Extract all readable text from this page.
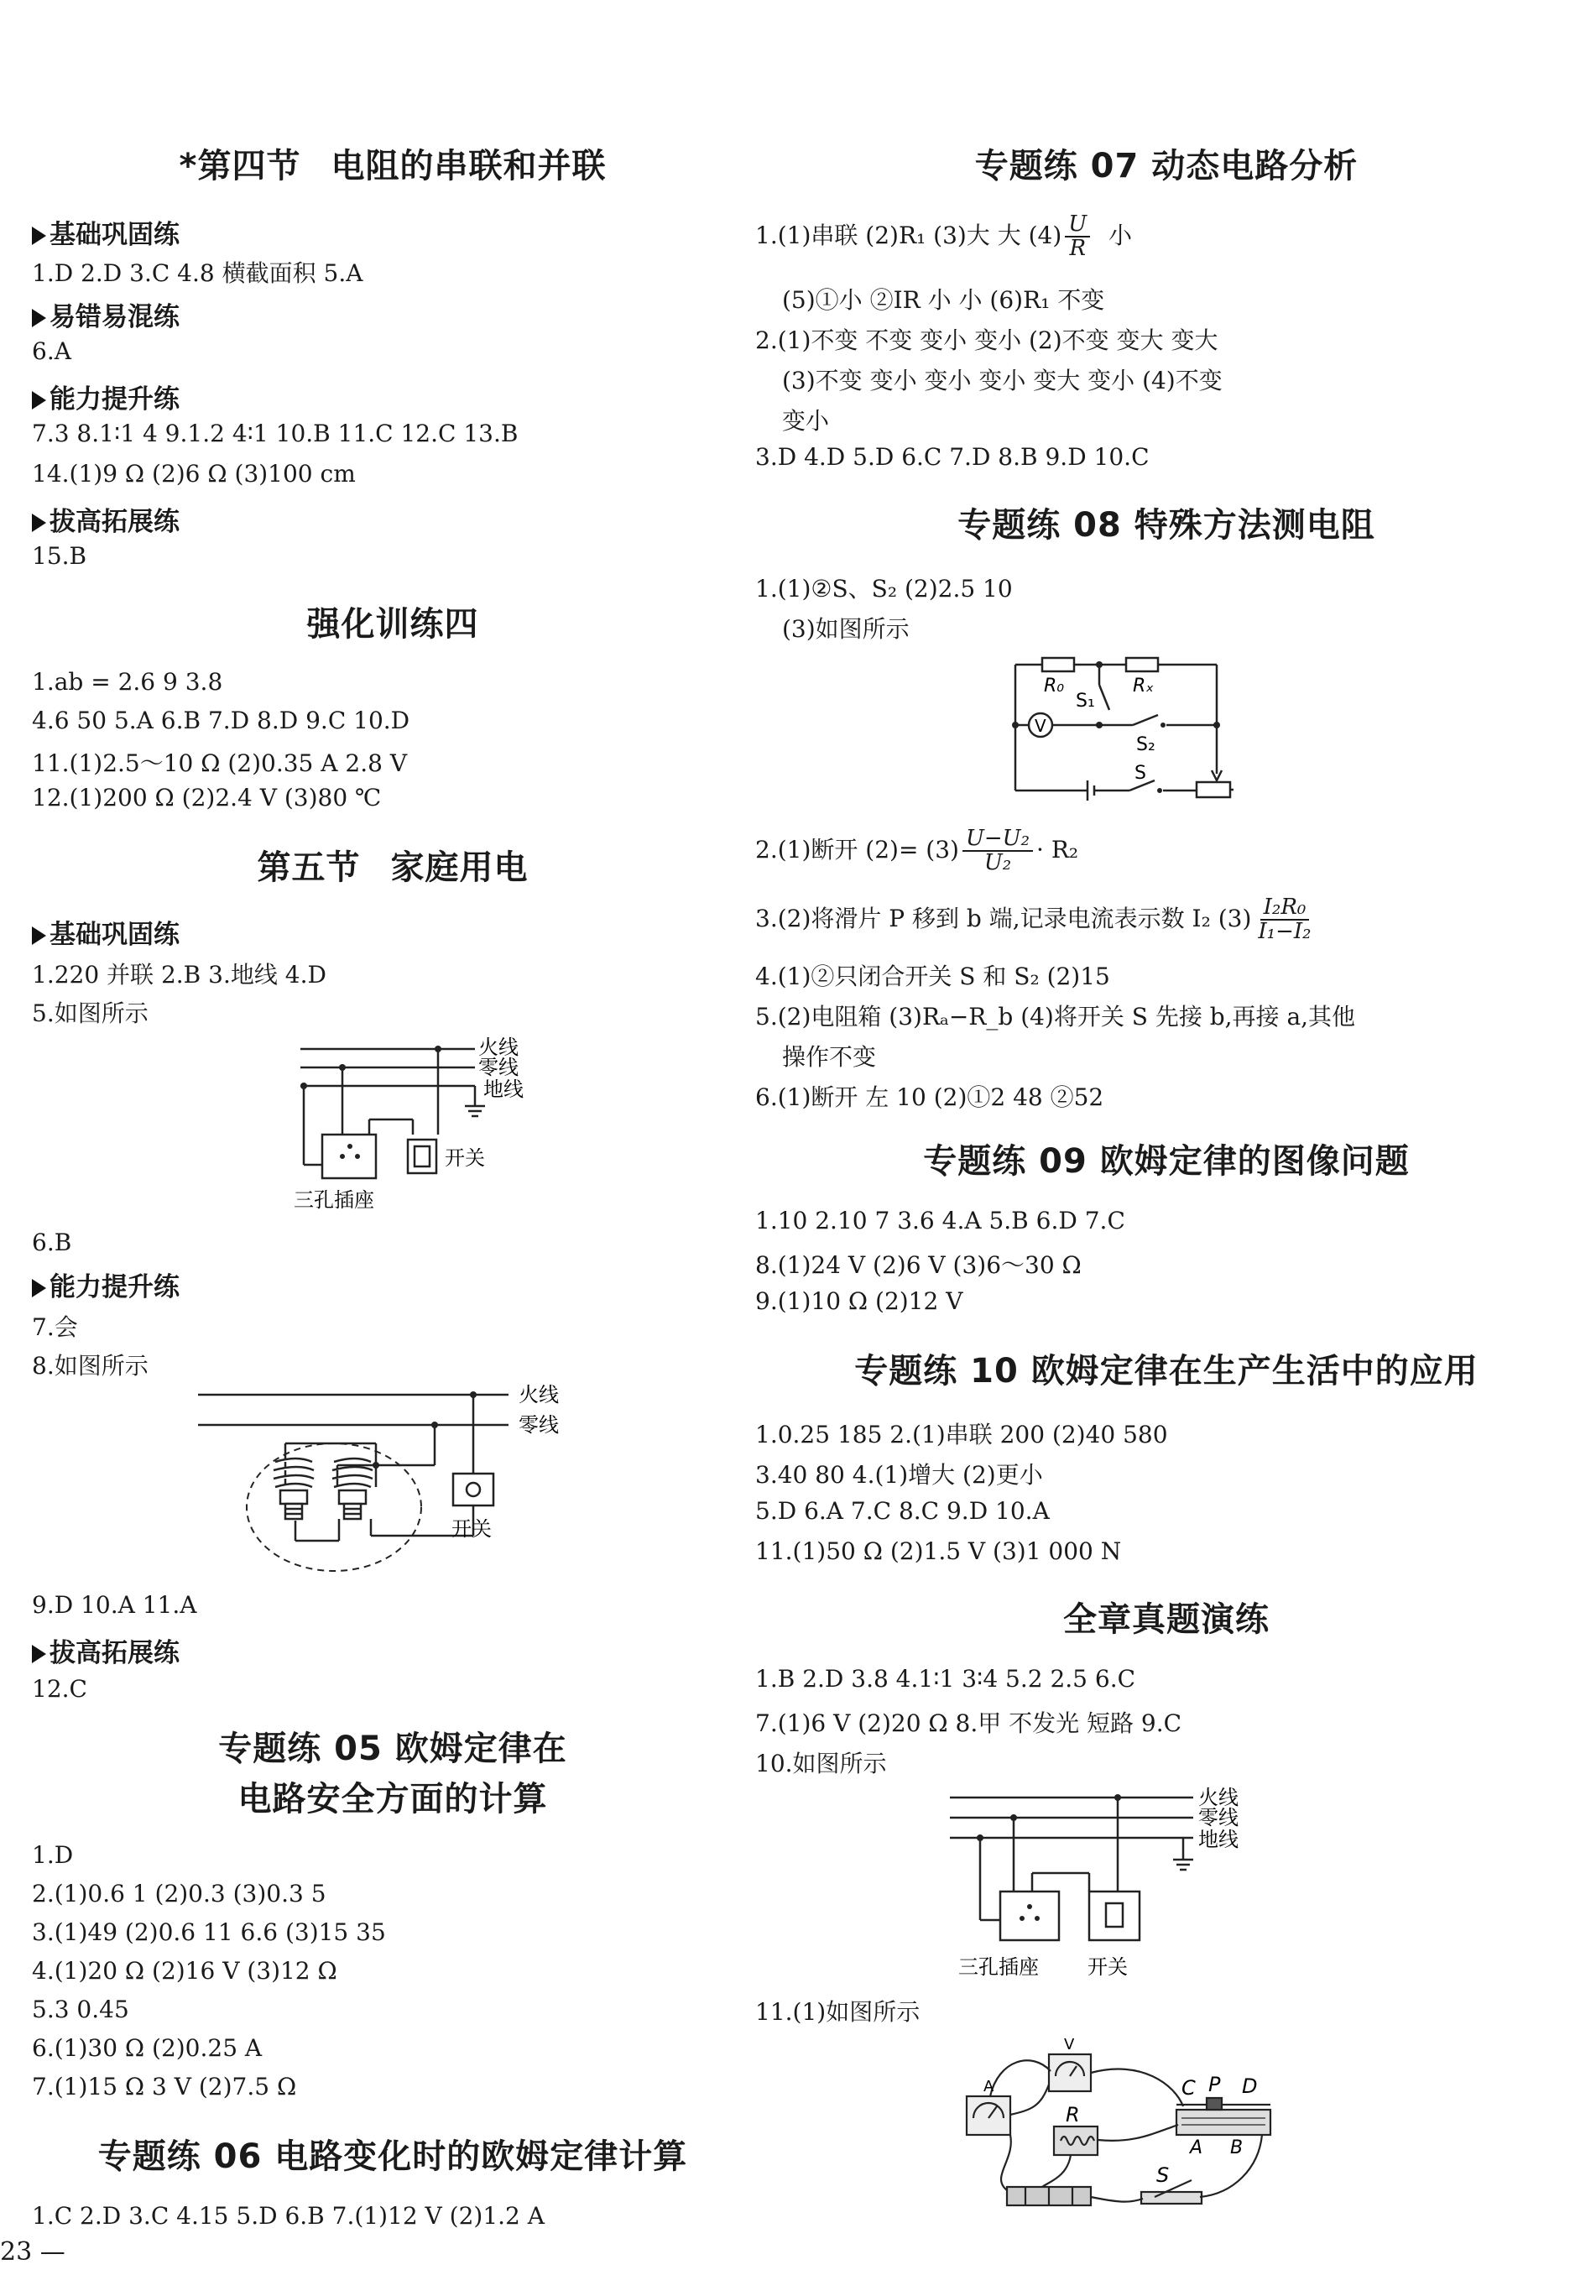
*第四节 电阻的串联和并联
基础巩固练
1.D 2.D 3.C 4.8 横截面积 5.A
易错易混练
6.A
能力提升练
7.3 8.1∶1 4 9.1.2 4∶1 10.B 11.C 12.C 13.B
14.(1)9 Ω (2)6 Ω (3)100 cm
拔高拓展练
15.B
强化训练四
1.ab = 2.6 9 3.8
4.6 50 5.A 6.B 7.D 8.D 9.C 10.D
11.(1)2.5～10 Ω (2)0.35 A 2.8 V
12.(1)200 Ω (2)2.4 V (3)80 ℃
第五节 家庭用电
基础巩固练
1.220 并联 2.B 3.地线 4.D
5.如图所示
火线
零线
地线
开关
三孔插座
6.B
能力提升练
7.会
8.如图所示
火线
零线
开关
9.D 10.A 11.A
拔高拓展练
12.C
专题练 05 欧姆定律在
电路安全方面的计算
1.D
2.(1)0.6 1 (2)0.3 (3)0.3 5
3.(1)49 (2)0.6 11 6.6 (3)15 35
4.(1)20 Ω (2)16 V (3)12 Ω
5.3 0.45
6.(1)30 Ω (2)0.25 A
7.(1)15 Ω 3 V (2)7.5 Ω
专题练 06 电路变化时的欧姆定律计算
1.C 2.D 3.C 4.15 5.D 6.B 7.(1)12 V (2)1.2 A
23 —
专题练 07 动态电路分析
1.(1)串联 (2)R₁ (3)大 大 $(4) \frac{U}{R}$ 小
(5)①小 ②IR 小 小 (6)R₁ 不变
2.(1)不变 不变 变小 变小 (2)不变 变大 变大
(3)不变 变小 变小 变小 变大 变小 (4)不变
变小
3.D 4.D 5.D 6.C 7.D 8.B 9.D 10.C
专题练 08 特殊方法测电阻
1.(1)②S、S₂ (2)2.5 10
(3)如图所示
R₀	Rₓ
S₁
S₂
S
V
2.(1)断开 $(2)= (3) \frac{\text{U−U₂}}{\text{U₂}} \cdot R_2$
3.(2)将滑片 P 移到 b 端,记录电流表示数 I₂ $(3) \frac{\text{I₂R₀}}{\text{I₁−I₂}}$
4.(1)②只闭合开关 S 和 S₂ (2)15
5.(2)电阻箱 (3)Rₐ−R_b (4)将开关 S 先接 b,再接 a,其他
操作不变
6.(1)断开 左 10 (2)①2 48 ②52
专题练 09 欧姆定律的图像问题
1.10 2.10 7 3.6 4.A 5.B 6.D 7.C
8.(1)24 V (2)6 V (3)6～30 Ω
9.(1)10 Ω (2)12 V
专题练 10 欧姆定律在生产生活中的应用
1.0.25 185 2.(1)串联 200 (2)40 580
3.40 80 4.(1)增大 (2)更小
5.D 6.A 7.C 8.C 9.D 10.A
11.(1)50 Ω (2)1.5 V (3)1 000 N
全章真题演练
1.B 2.D 3.8 4.1∶1 3∶4 5.2 2.5 6.C
7.(1)6 V (2)20 Ω 8.甲 不发光 短路 9.C
10.如图所示
火线
零线
地线
三孔插座 开关
11.(1)如图所示
A
V
R
C P D
A B
S
